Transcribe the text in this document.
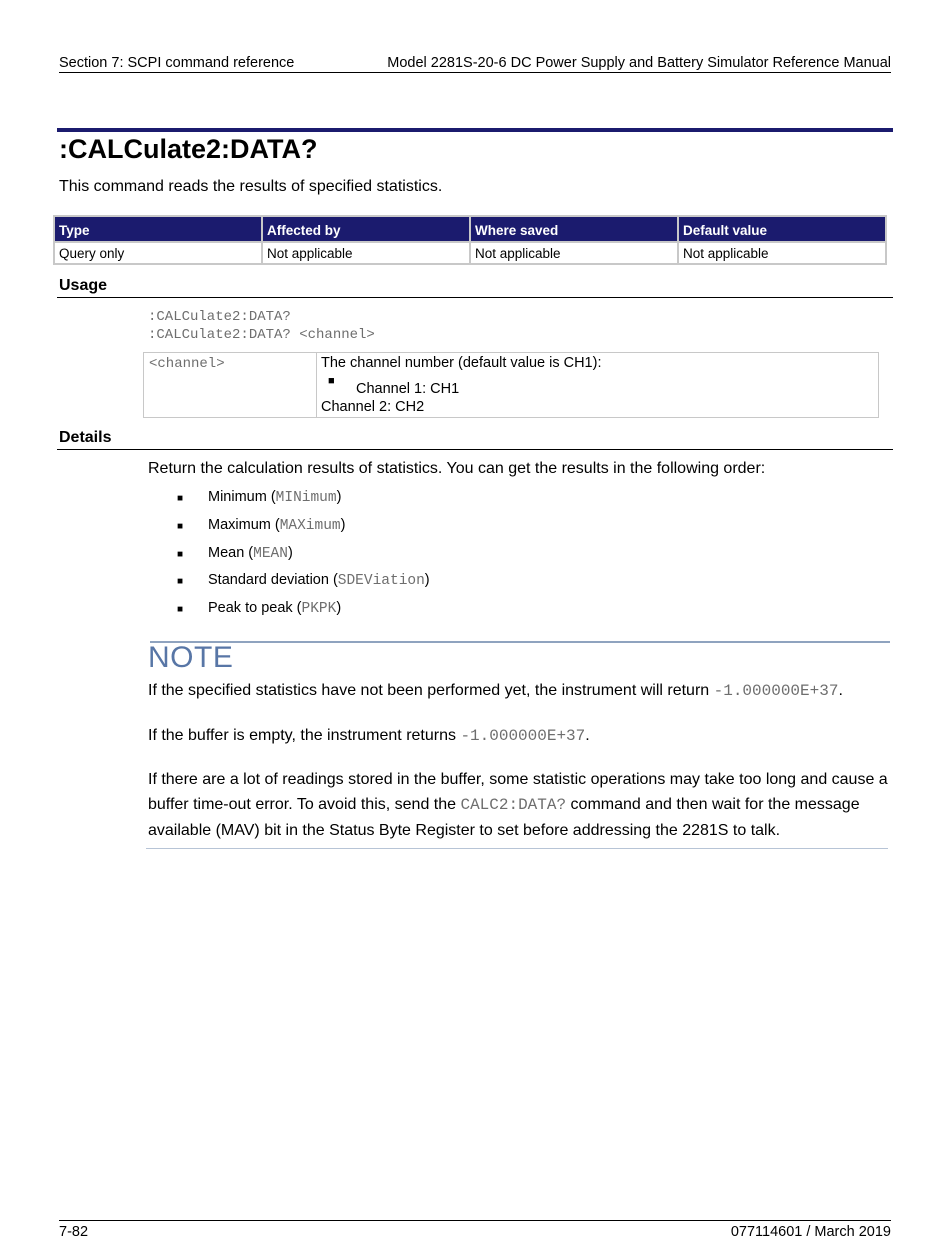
Section 7: SCPI command reference	Model 2281S-20-6 DC Power Supply and Battery Simulator Reference Manual
:CALCulate2:DATA?

This command reads the results of specified statistics.

Type	Affected by	Where saved	Default value
Query only	Not applicable	Not applicable	Not applicable
Usage
:CALCulate2:DATA?
:CALCulate2:DATA? <channel>
<channel>	The channel number (default value is CH1):
■ Channel 1: CH1
Channel 2: CH2
Details
Return the calculation results of statistics. You can get the results in the following order:
■ Minimum (MINimum)
■ Maximum (MAXimum)
■ Mean (MEAN)
■ Standard deviation (SDEViation)
■ Peak to peak (PKPK)
NOTE

If the specified statistics have not been performed yet, the instrument will return -1.000000E+37.

If the buffer is empty, the instrument returns -1.000000E+37.

If there are a lot of readings stored in the buffer, some statistic operations may take too long and cause a buffer time-out error. To avoid this, send the CALC2:DATA? command and then wait for the message available (MAV) bit in the Status Byte Register to set before addressing the 2281S to talk.

7-82	077114601 / March 2019
